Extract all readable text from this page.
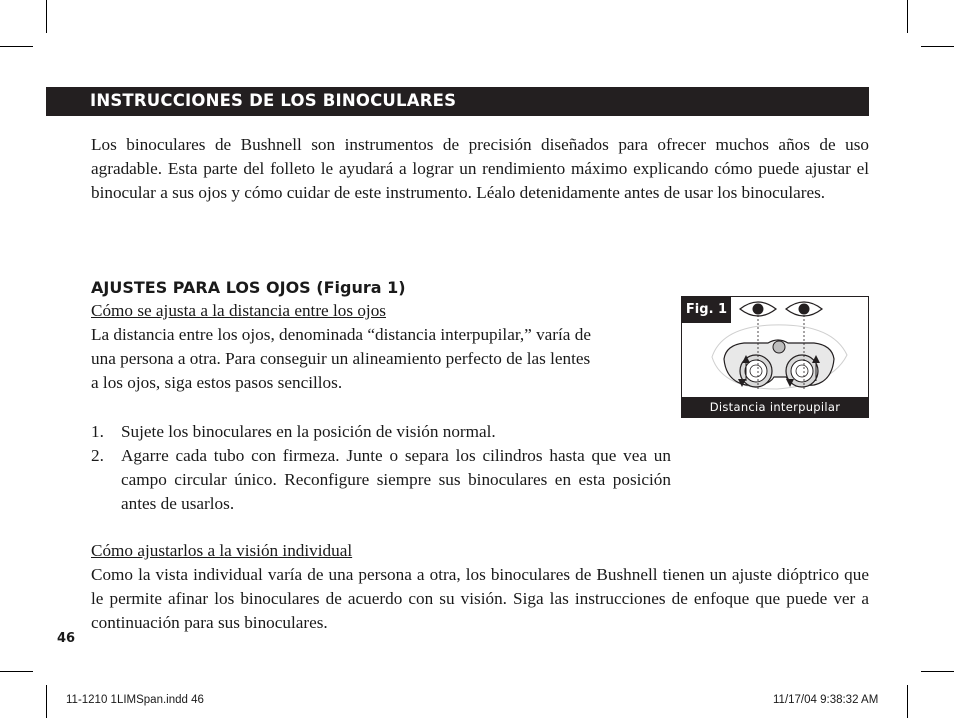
INSTRUCCIONES DE LOS BINOCULARES

Los binoculares de Bushnell son instrumentos de precisión diseñados para ofrecer muchos años de uso agradable. Esta parte del folleto le ayudará a lograr un rendimiento máximo explicando cómo puede ajustar el binocular a sus ojos y cómo cuidar de este instrumento. Léalo detenidamente antes de usar los binoculares.

AJUSTES PARA LOS OJOS (Figura 1)
Cómo se ajusta a la distancia entre los ojos
La distancia entre los ojos, denominada “distancia interpupilar,” varía de
una persona a otra. Para conseguir un alineamiento perfecto de las lentes
a los ojos, siga estos pasos sencillos.
1. Sujete los binoculares en la posición de visión normal.
2. Agarre cada tubo con firmeza. Junte o separa los cilindros hasta que vea un campo circular único. Reconfigure siempre sus binoculares en esta posición antes de usarlos.
Cómo ajustarlos a la visión individual

Como la vista individual varía de una persona a otra, los binoculares de Bushnell tienen un ajuste dióptrico que le permite afinar los binoculares de acuerdo con su visión. Siga las instrucciones de enfoque que puede ver a continuación para sus binoculares.

Fig. 1
Distancia interpupilar
46
11-1210 1LIMSpan.indd 46	11/17/04 9:38:32 AM
